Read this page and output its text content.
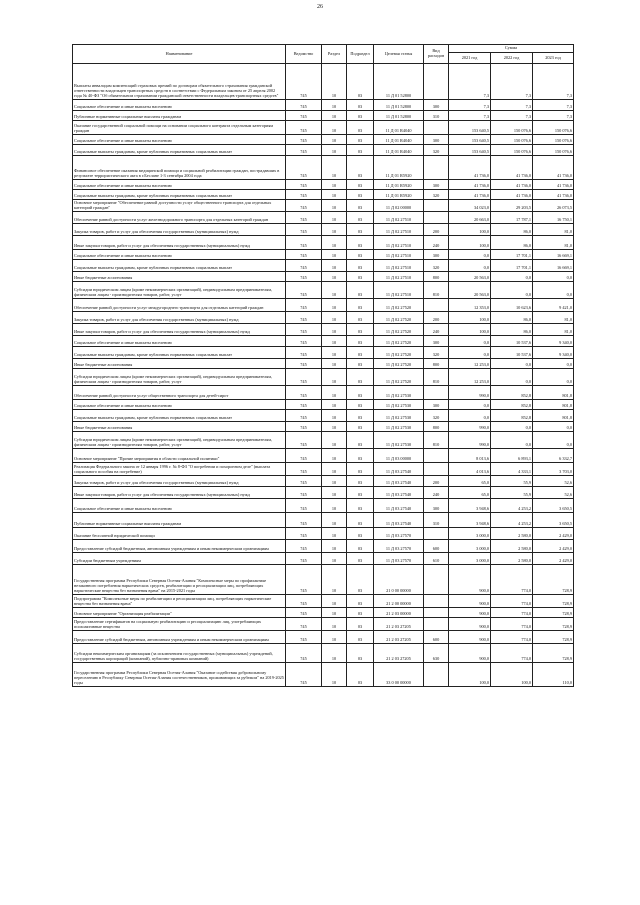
26
Наименование	Ведомство	Раздел	Подраздел	Целевая статья	Вид расходов	Сумма		
						2021 год	2022 год	2023 год
Выплаты инвалидам компенсаций страховых премий по договорам обязательного страхования гражданской ответственности владельцев транспортных средств в соответствии с Федеральным законом от 25 апреля 2002 года № 40-ФЗ "Об обязательном страховании гражданской ответственности владельцев транспортных средств"	745	10	03	11 Д 01 52800		7,3	7,3	7,3
Социальное обеспечение и иные выплаты населению	745	10	03	11 Д 01 52800	300	7,3	7,3	7,3
Публичные нормативные социальные выплаты гражданам	745	10	03	11 Д 01 52800	310	7,3	7,3	7,3
Оказание государственной социальной помощи на основании социального контракта отдельным категориям граждан	745	10	03	11 Д 01 R4040		153 640,5	150 076,6	150 076,6
Социальное обеспечение и иные выплаты населению	745	10	03	11 Д 01 R4040	300	153 640,5	150 076,6	150 076,6
Социальные выплаты гражданам, кроме публичных нормативных социальных выплат	745	10	03	11 Д 01 R4040	320	153 640,5	150 076,6	150 076,6
Финансовое обеспечение оказания медицинской помощи и социальной реабилитации граждан, пострадавших в результате террористического акта в г.Беслане 1-3 сентября 2004 года	745	10	03	11 Д 01 R5920		41 736,0	41 736,0	41 736,0
Социальное обеспечение и иные выплаты населению	745	10	03	11 Д 01 R5920	300	41 736,0	41 736,0	41 736,0
Социальные выплаты гражданам, кроме публичных нормативных социальных выплат	745	10	03	11 Д 01 R5920	320	41 736,0	41 736,0	41 736,0
Основное мероприятие "Обеспечение равной доступности услуг общественного транспорта для отдельных категорий граждан"	745	10	03	11 Д 02 00000		34 023,0	29 203,5	26 073,5
Обеспечение равной доступности услуг железнодорожного транспорта для отдельных категорий граждан	745	10	03	11 Д 02 27510		20 663,0	17 787,1	16 750,1
Закупка товаров, работ и услуг для обеспечения государственных (муниципальных) нужд	745	10	03	11 Д 02 27510	200	100,0	86,0	81,0
Иные закупки товаров, работ и услуг для обеспечения государственных (муниципальных) нужд	745	10	03	11 Д 02 27510	240	100,0	86,0	81,0
Социальное обеспечение и иные выплаты населению	745	10	03	11 Д 02 27510	300	0,0	17 701,1	16 669,1
Социальные выплаты гражданам, кроме публичных нормативных социальных выплат	745	10	03	11 Д 02 27510	320	0,0	17 701,1	16 669,1
Иные бюджетные ассигнования	745	10	03	11 Д 02 27510	800	20 563,0	0,0	0,0
Субсидии юридическим лицам (кроме некоммерческих организаций), индивидуальным предпринимателям, физическим лицам - производителям товаров, работ, услуг	745	10	03	11 Д 02 27510	810	20 563,0	0,0	0,0
Обеспечение равной доступности услуг междугороднего транспорта для отдельных категорий граждан	745	10	03	11 Д 02 27520		12 353,0	10 623,6	9 421,0
Закупка товаров, работ и услуг для обеспечения государственных (муниципальных) нужд	745	10	03	11 Д 02 27520	200	100,0	86,0	81,0
Иные закупки товаров, работ и услуг для обеспечения государственных (муниципальных) нужд	745	10	03	11 Д 02 27520	240	100,0	86,0	81,0
Социальное обеспечение и иные выплаты населению	745	10	03	11 Д 02 27520	300	0,0	10 537,6	9 340,0
Социальные выплаты гражданам, кроме публичных нормативных социальных выплат	745	10	03	11 Д 02 27520	320	0,0	10 537,6	9 340,0
Иные бюджетные ассигнования	745	10	03	11 Д 02 27520	800	12 253,0	0,0	0,0
Субсидии юридическим лицам (кроме некоммерческих организаций), индивидуальным предпринимателям, физическим лицам - производителям товаров, работ, услуг	745	10	03	11 Д 02 27520	810	12 253,0	0,0	0,0
Обеспечение равной доступности услуг общественного транспорта для детей-сирот	745	10	03	11 Д 02 27530		990,0	852,8	801,8
Социальное обеспечение и иные выплаты населению	745	10	03	11 Д 02 27530	300	0,0	852,8	801,8
Социальные выплаты гражданам, кроме публичных нормативных социальных выплат	745	10	03	11 Д 02 27530	320	0,0	852,8	801,8
Иные бюджетные ассигнования	745	10	03	11 Д 02 27530	800	990,0	0,0	0,0
Субсидии юридическим лицам (кроме некоммерческих организаций), индивидуальным предпринимателям, физическим лицам - производителям товаров, работ, услуг	745	10	03	11 Д 02 27530	810	990,0	0,0	0,0
Основное мероприятие "Прочие мероприятия в области социальной политики"	745	10	03	11 Д 03 00000		8 013,6	6 893,1	6 332,7
Реализация Федерального закона от 12 января 1996 г. № 8-ФЗ "О погребении и похоронном деле" (выплата социального пособия на погребение)	745	10	03	11 Д 03 27540		4 013,6	4 333,1	3 703,0
Закупка товаров, работ и услуг для обеспечения государственных (муниципальных) нужд	745	10	03	11 Д 03 27540	200	65,0	55,9	52,6
Иные закупки товаров, работ и услуг для обеспечения государственных (муниципальных) нужд	745	10	03	11 Д 03 27540	240	65,0	55,9	52,6
Социальное обеспечение и иные выплаты населению	745	10	03	11 Д 03 27540	300	3 948,6	4 253,2	3 650,5
Публичные нормативные социальные выплаты гражданам	745	10	03	11 Д 03 27540	310	3 948,6	4 253,2	3 650,5
Оказание бесплатной юридической помощи	745	10	03	11 Д 03 27570		3 000,0	2 580,0	2 429,0
Предоставление субсидий бюджетным, автономным учреждениям и иным некоммерческим организациям	745	10	03	11 Д 03 27570	600	3 000,0	2 580,0	2 429,0
Субсидии бюджетным учреждениям	745	10	03	11 Д 03 27570	610	3 000,0	2 580,0	2 429,0
Государственная программа Республики Северная Осетия-Алания "Комплексные меры по профилактике незаконного потребления наркотических средств, реабилитации и ресоциализации лиц, потребляющих наркотические вещества без назначения врача" на 2015-2021 годы	745	10	03	21 0 00 00000		900,0	774,0	728,9
Подпрограмма "Комплексные меры по реабилитации и ресоциализации лиц, потребляющих наркотические вещества без назначения врача"	745	10	03	21 2 00 00000		900,0	774,0	728,9
Основное мероприятие "Организация реабилитации"	745	10	03	21 2 03 00000		900,0	774,0	728,9
Предоставление сертификатов на социальную реабилитацию и ресоциализацию лиц, употребляющих психоактивные вещества	745	10	03	21 2 03 27205		900,0	774,0	728,9
Предоставление субсидий бюджетным, автономным учреждениям и иным некоммерческим организациям	745	10	03	21 2 03 27205	600	900,0	774,0	728,9
Субсидии некоммерческим организациям (за исключением государственных (муниципальных) учреждений, государственных корпораций (компаний), публично-правовых компаний)	745	10	03	21 2 03 27205	630	900,0	774,0	728,9
Государственная программа Республики Северная Осетия-Алания "Оказание содействия добровольному переселению в Республику Северная Осетия-Алания соотечественников, проживающих за рубежом" на 2019-2025 годы	745	10	03	33 0 00 00000		100,0	100,0	110,0
